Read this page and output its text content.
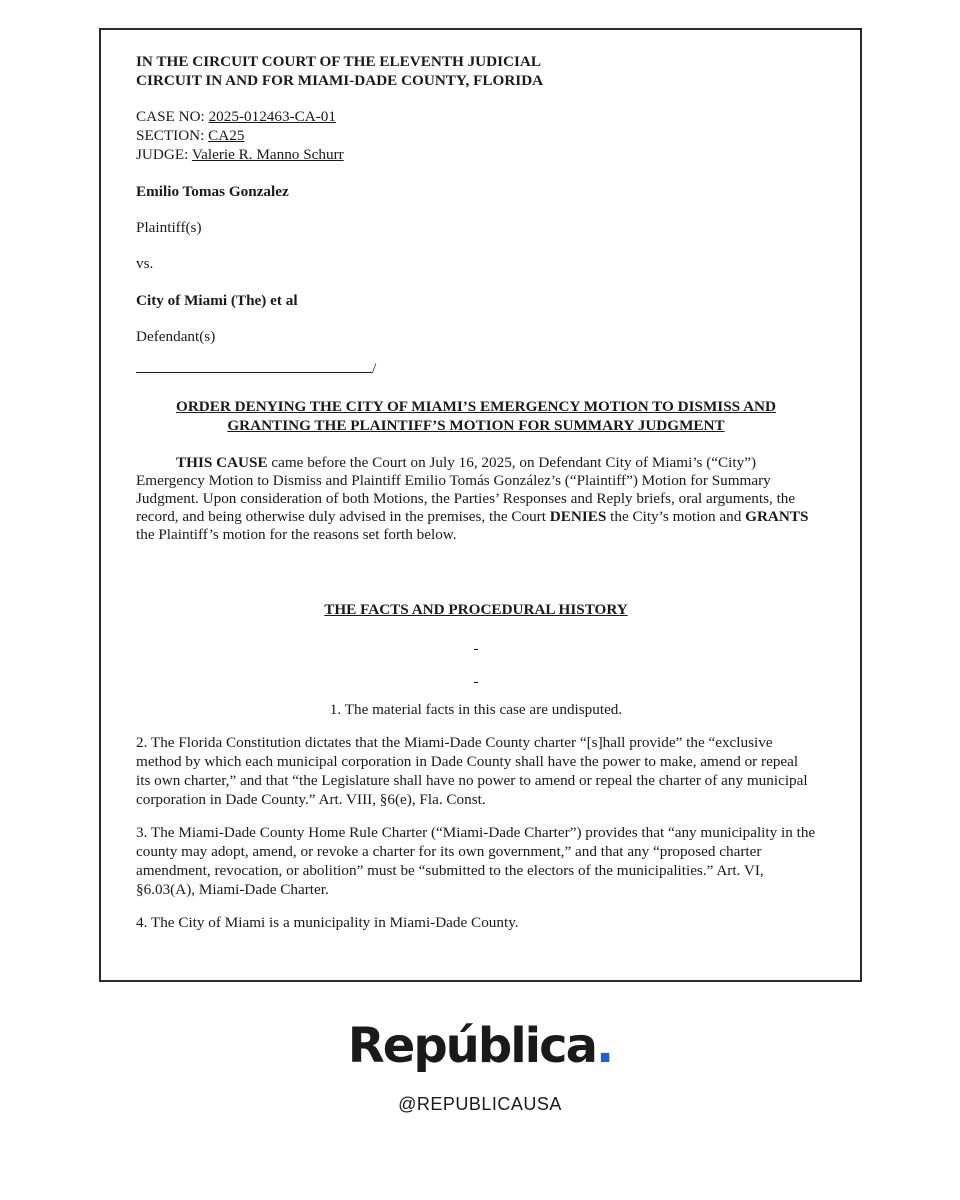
IN THE CIRCUIT COURT OF THE ELEVENTH JUDICIAL

CIRCUIT IN AND FOR MIAMI-DADE COUNTY, FLORIDA

CASE NO: 2025-012463-CA-01

SECTION: CA25

JUDGE: Valerie R. Manno Schurr

Emilio Tomas Gonzalez

Plaintiff(s)

vs.

City of Miami (The) et al

Defendant(s)

/

ORDER DENYING THE CITY OF MIAMI’S EMERGENCY MOTION TO DISMISS AND
GRANTING THE PLAINTIFF’S MOTION FOR SUMMARY JUDGMENT

THIS CAUSE came before the Court on July 16, 2025, on Defendant City of Miami’s (“City”) Emergency Motion to Dismiss and Plaintiff Emilio Tomás González’s (“Plaintiff”) Motion for Summary Judgment. Upon consideration of both Motions, the Parties’ Responses and Reply briefs, oral arguments, the record, and being otherwise duly advised in the premises, the Court DENIES the City’s motion and GRANTS the Plaintiff’s motion for the reasons set forth below.

THE FACTS AND PROCEDURAL HISTORY

-

-

1. The material facts in this case are undisputed.

2. The Florida Constitution dictates that the Miami-Dade County charter “[s]hall provide” the “exclusive method by which each municipal corporation in Dade County shall have the power to make, amend or repeal its own charter,” and that “the Legislature shall have no power to amend or repeal the charter of any municipal corporation in Dade County.” Art. VIII, §6(e), Fla. Const.

3. The Miami-Dade County Home Rule Charter (“Miami-Dade Charter”) provides that “any municipality in the county may adopt, amend, or revoke a charter for its own government,” and that any “proposed charter amendment, revocation, or abolition” must be “submitted to the electors of the municipalities.” Art. VI, §6.03(A), Miami-Dade Charter.

4. The City of Miami is a municipality in Miami-Dade County.

República.
@REPUBLICAUSA
